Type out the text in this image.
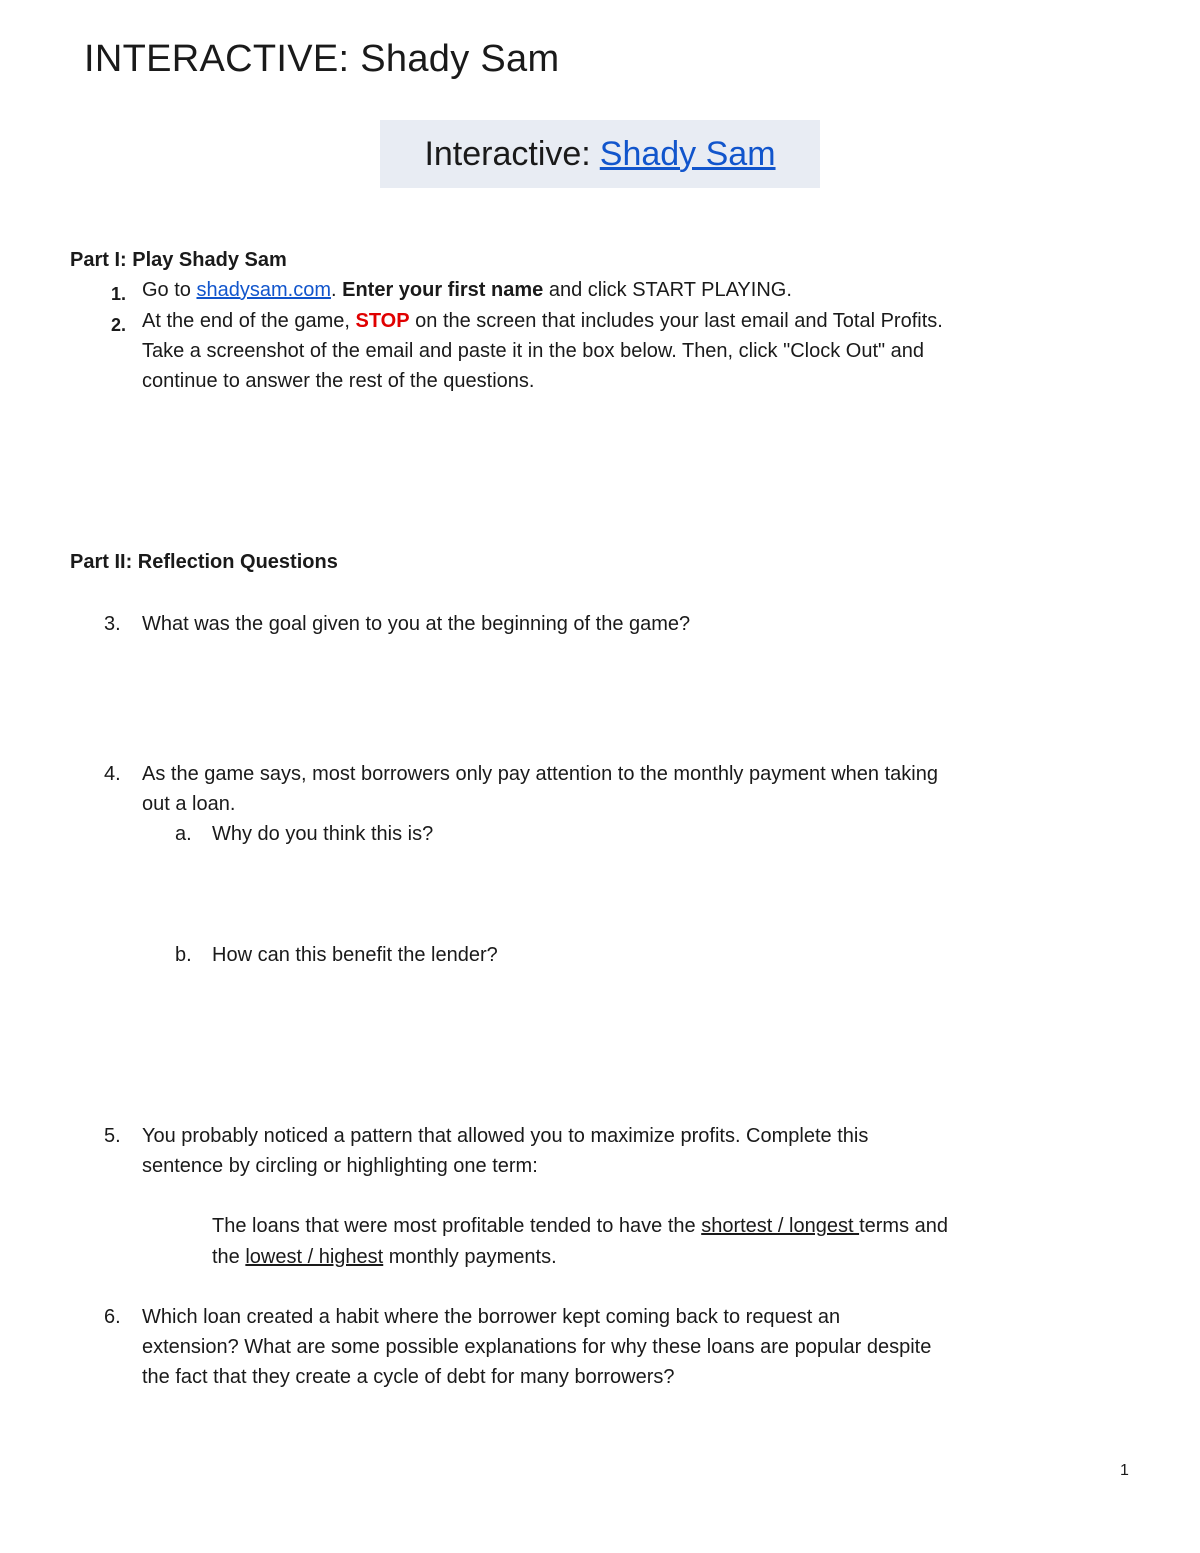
INTERACTIVE: Shady Sam
Interactive: Shady Sam
Part I: Play Shady Sam
1. Go to shadysam.com. Enter your first name and click START PLAYING.
2. At the end of the game, STOP on the screen that includes your last email and Total Profits.
Take a screenshot of the email and paste it in the box below. Then, click "Clock Out" and
continue to answer the rest of the questions.
Part II: Reflection Questions
3. What was the goal given to you at the beginning of the game?
4. As the game says, most borrowers only pay attention to the monthly payment when taking
out a loan.
a. Why do you think this is?
b. How can this benefit the lender?
5. You probably noticed a pattern that allowed you to maximize profits. Complete this
sentence by circling or highlighting one term:
The loans that were most profitable tended to have the shortest / longest terms and
the lowest / highest monthly payments.
6. Which loan created a habit where the borrower kept coming back to request an
extension? What are some possible explanations for why these loans are popular despite
the fact that they create a cycle of debt for many borrowers?
1
